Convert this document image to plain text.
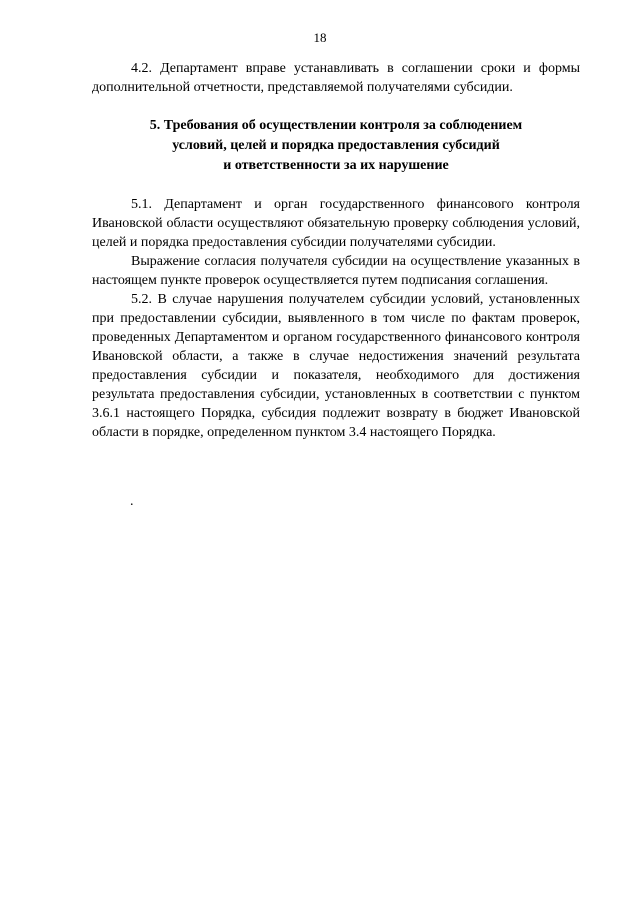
18

4.2. Департамент вправе устанавливать в соглашении сроки и формы дополнительной отчетности, представляемой получателями субсидии.

5. Требования об осуществлении контроля за соблюдением
условий, целей и порядка предоставления субсидий
и ответственности за их нарушение

5.1. Департамент и орган государственного финансового контроля Ивановской области осуществляют обязательную проверку соблюдения условий, целей и порядка предоставления субсидии получателями субсидии.

Выражение согласия получателя субсидии на осуществление указанных в настоящем пункте проверок осуществляется путем подписания соглашения.

5.2. В случае нарушения получателем субсидии условий, установленных при предоставлении субсидии, выявленного в том числе по фактам проверок, проведенных Департаментом и органом государственного финансового контроля Ивановской области, а также в случае недостижения значений результата предоставления субсидии и показателя, необходимого для достижения результата предоставления субсидии, установленных в соответствии с пунктом 3.6.1 настоящего Порядка, субсидия подлежит возврату в бюджет Ивановской области в порядке, определенном пунктом 3.4 настоящего Порядка.

.
